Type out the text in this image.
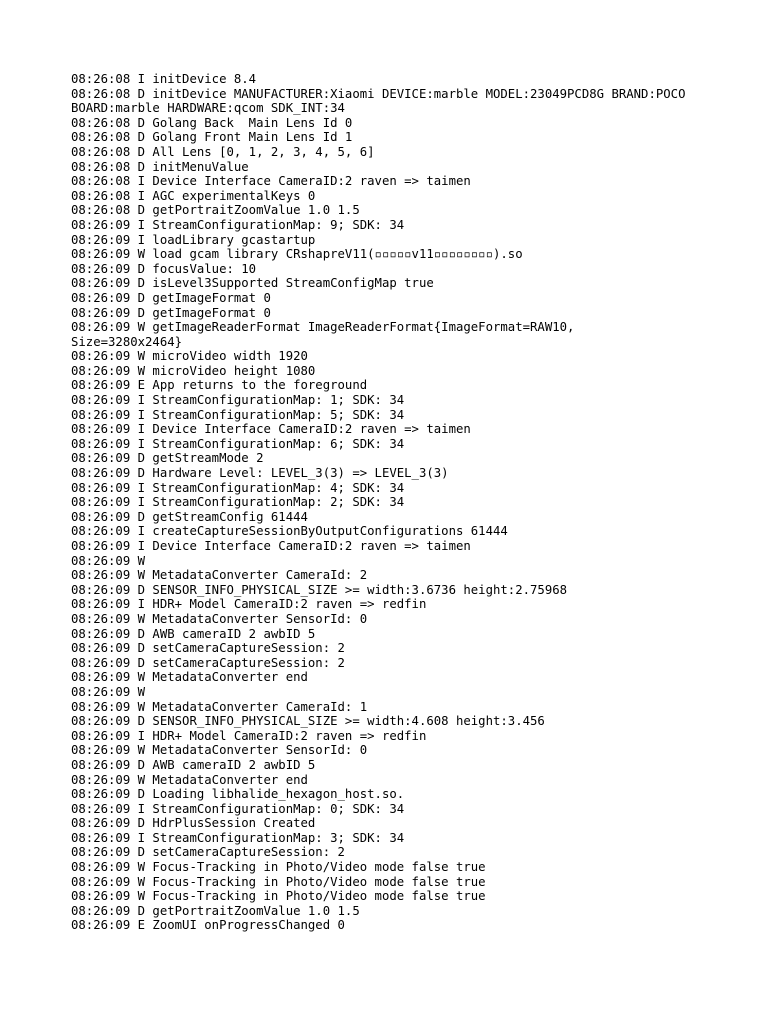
08:26:08 I initDevice 8.4
08:26:08 D initDevice MANUFACTURER:Xiaomi DEVICE:marble MODEL:23049PCD8G BRAND:POCO
BOARD:marble HARDWARE:qcom SDK_INT:34
08:26:08 D Golang Back  Main Lens Id 0
08:26:08 D Golang Front Main Lens Id 1
08:26:08 D All Lens [0, 1, 2, 3, 4, 5, 6]
08:26:08 D initMenuValue
08:26:08 I Device Interface CameraID:2 raven => taimen
08:26:08 I AGC experimentalKeys 0
08:26:08 D getPortraitZoomValue 1.0 1.5
08:26:09 I StreamConfigurationMap: 9; SDK: 34
08:26:09 I loadLibrary gcastartup
08:26:09 W load gcam library CRshapreV11(▫▫▫▫▫v11▫▫▫▫▫▫▫▫).so
08:26:09 D focusValue: 10
08:26:09 D isLevel3Supported StreamConfigMap true
08:26:09 D getImageFormat 0
08:26:09 D getImageFormat 0
08:26:09 W getImageReaderFormat ImageReaderFormat{ImageFormat=RAW10,
Size=3280x2464}
08:26:09 W microVideo width 1920
08:26:09 W microVideo height 1080
08:26:09 E App returns to the foreground
08:26:09 I StreamConfigurationMap: 1; SDK: 34
08:26:09 I StreamConfigurationMap: 5; SDK: 34
08:26:09 I Device Interface CameraID:2 raven => taimen
08:26:09 I StreamConfigurationMap: 6; SDK: 34
08:26:09 D getStreamMode 2
08:26:09 D Hardware Level: LEVEL_3(3) => LEVEL_3(3)
08:26:09 I StreamConfigurationMap: 4; SDK: 34
08:26:09 I StreamConfigurationMap: 2; SDK: 34
08:26:09 D getStreamConfig 61444
08:26:09 I createCaptureSessionByOutputConfigurations 61444
08:26:09 I Device Interface CameraID:2 raven => taimen
08:26:09 W
08:26:09 W MetadataConverter CameraId: 2
08:26:09 D SENSOR_INFO_PHYSICAL_SIZE >= width:3.6736 height:2.75968
08:26:09 I HDR+ Model CameraID:2 raven => redfin
08:26:09 W MetadataConverter SensorId: 0
08:26:09 D AWB cameraID 2 awbID 5
08:26:09 D setCameraCaptureSession: 2
08:26:09 D setCameraCaptureSession: 2
08:26:09 W MetadataConverter end
08:26:09 W
08:26:09 W MetadataConverter CameraId: 1
08:26:09 D SENSOR_INFO_PHYSICAL_SIZE >= width:4.608 height:3.456
08:26:09 I HDR+ Model CameraID:2 raven => redfin
08:26:09 W MetadataConverter SensorId: 0
08:26:09 D AWB cameraID 2 awbID 5
08:26:09 W MetadataConverter end
08:26:09 D Loading libhalide_hexagon_host.so.
08:26:09 I StreamConfigurationMap: 0; SDK: 34
08:26:09 D HdrPlusSession Created
08:26:09 I StreamConfigurationMap: 3; SDK: 34
08:26:09 D setCameraCaptureSession: 2
08:26:09 W Focus-Tracking in Photo/Video mode false true
08:26:09 W Focus-Tracking in Photo/Video mode false true
08:26:09 W Focus-Tracking in Photo/Video mode false true
08:26:09 D getPortraitZoomValue 1.0 1.5
08:26:09 E ZoomUI onProgressChanged 0
